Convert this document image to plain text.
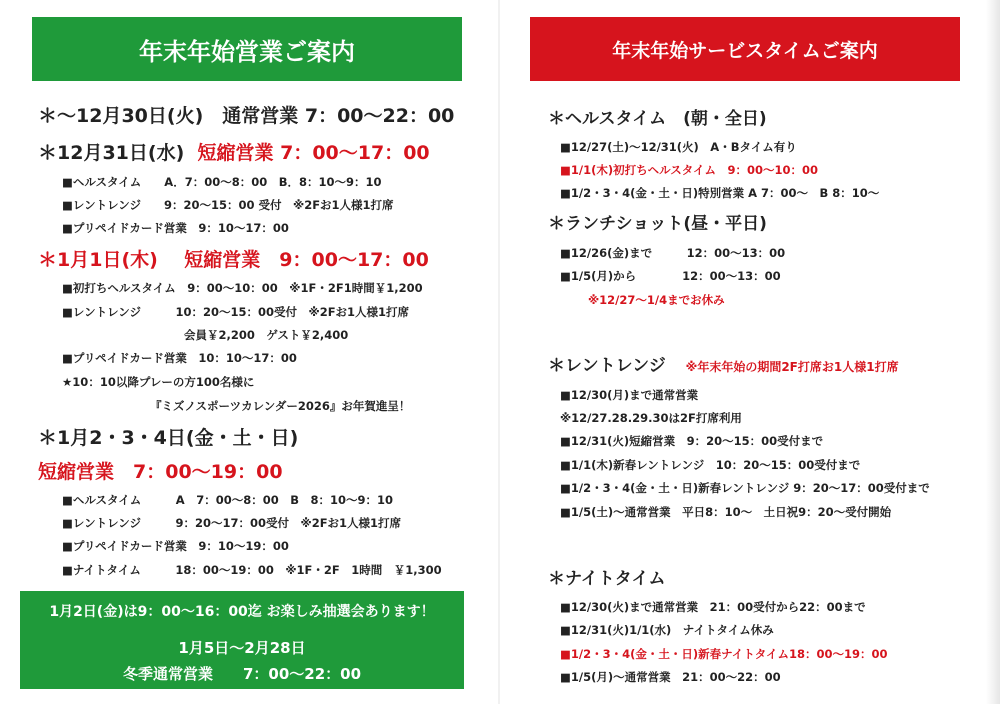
年末年始営業ご案内
＊～12月30日(火)　通常営業 7：00～22：00
＊12月31日(水) 短縮営業 7：00～17：00
■ヘルスタイム　　A．7：00～8：00　B．8：10～9：10
■レントレンジ　　9：20～15：00 受付　※2Fお1人様1打席
■プリペイドカード営業　9：10～17：00
＊1月1日(木) 短縮営業　9：00～17：00
■初打ちヘルスタイム　9：00～10：00　※1F・2F1時間￥1,200
■レントレンジ　　　10：20～15：00受付　※2Fお1人様1打席
会員￥2,200　ゲスト￥2,400
■プリペイドカード営業　10：10～17：00
★10：10以降プレーの方100名様に
『ミズノスポーツカレンダー2026』お年賀進呈！
＊1月2・3・4日(金・土・日)
短縮営業　7：00～19：00
■ヘルスタイム　　　A　7：00～8：00　B　8：10～9：10
■レントレンジ　　　9：20～17：00受付　※2Fお1人様1打席
■プリペイドカード営業　9：10～19：00
■ナイトタイム　　　18：00～19：00　※1F・2F　1時間　￥1,300
1月2日(金)は9：00～16：00迄 お楽しみ抽選会あります！
1月5日～2月28日
冬季通常営業　　7：00～22：00
年末年始サービスタイムご案内
＊ヘルスタイム　(朝・全日)
■12/27(土)～12/31(火)　A・Bタイム有り
■1/1(木)初打ちヘルスタイム　9：00～10：00
■1/2・3・4(金・土・日)特別営業 A 7：00～　B 8：10～
＊ランチショット(昼・平日)
■12/26(金)まで　　　12：00～13：00
■1/5(月)から　　　　12：00～13：00
※12/27～1/4までお休み
＊レントレンジ ※年末年始の期間2F打席お1人様1打席
■12/30(月)まで通常営業
※12/27.28.29.30は2F打席利用
■12/31(火)短縮営業　9：20～15：00受付まで
■1/1(木)新春レントレンジ　10：20～15：00受付まで
■1/2・3・4(金・土・日)新春レントレンジ 9：20～17：00受付まで
■1/5(土)～通常営業　平日8：10～　土日祝9：20～受付開始
＊ナイトタイム
■12/30(火)まで通常営業　21：00受付から22：00まで
■12/31(火)1/1(水)　ナイトタイム休み
■1/2・3・4(金・土・日)新春ナイトタイム18：00～19：00
■1/5(月)～通常営業　21：00～22：00
